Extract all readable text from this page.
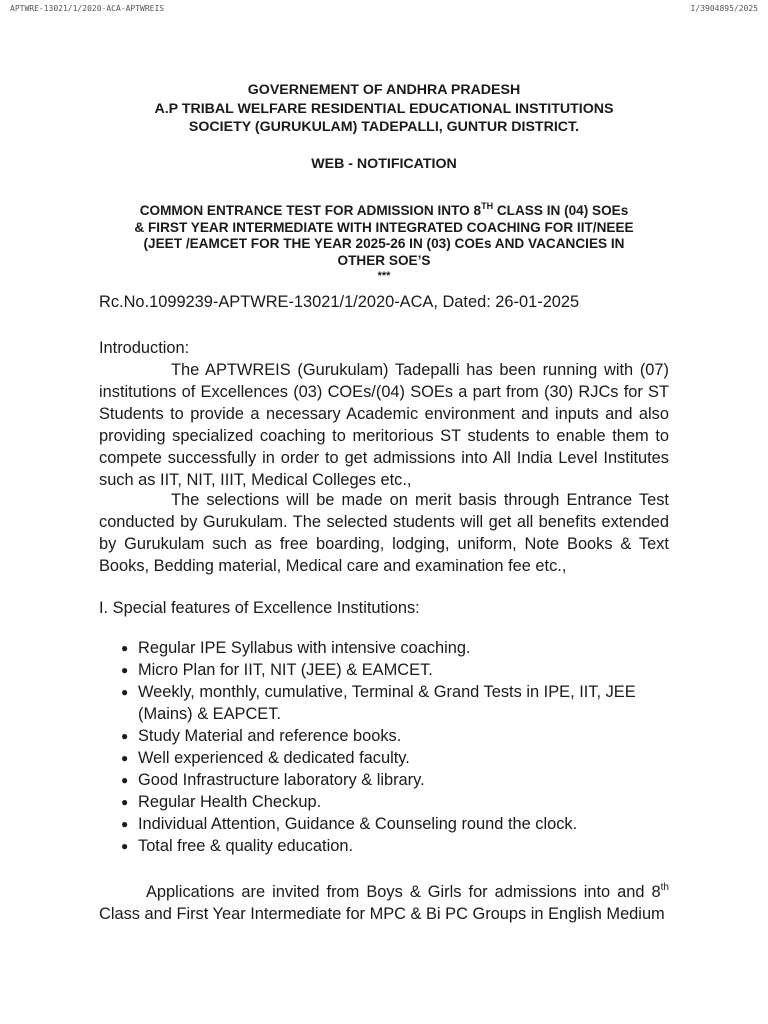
APTWRE-13021/1/2020-ACA-APTWREIS	I/3904895/2025
GOVERNEMENT OF ANDHRA PRADESH
A.P TRIBAL WELFARE RESIDENTIAL EDUCATIONAL INSTITUTIONS
SOCIETY (GURUKULAM) TADEPALLI, GUNTUR DISTRICT.
WEB - NOTIFICATION
COMMON ENTRANCE TEST FOR ADMISSION INTO 8TH CLASS IN (04) SOEs
& FIRST YEAR INTERMEDIATE WITH INTEGRATED COACHING FOR IIT/NEEE
(JEET /EAMCET FOR THE YEAR 2025-26 IN (03) COEs AND VACANCIES IN
OTHER SOE’S
***
Rc.No.1099239-APTWRE-13021/1/2020-ACA, Dated: 26-01-2025
Introduction:
The APTWREIS (Gurukulam) Tadepalli has been running with (07) institutions of Excellences (03) COEs/(04) SOEs a part from (30) RJCs for ST Students to provide a necessary Academic environment and inputs and also providing specialized coaching to meritorious ST students to enable them to compete successfully in order to get admissions into All India Level Institutes such as IIT, NIT, IIIT, Medical Colleges etc.,
The selections will be made on merit basis through Entrance Test conducted by Gurukulam. The selected students will get all benefits extended by Gurukulam such as free boarding, lodging, uniform, Note Books & Text Books, Bedding material, Medical care and examination fee etc.,
I. Special features of Excellence Institutions:
● Regular IPE Syllabus with intensive coaching.
● Micro Plan for IIT, NIT (JEE) & EAMCET.
● Weekly, monthly, cumulative, Terminal & Grand Tests in IPE, IIT, JEE (Mains) & EAPCET.
● Study Material and reference books.
● Well experienced & dedicated faculty.
● Good Infrastructure laboratory & library.
● Regular Health Checkup.
● Individual Attention, Guidance & Counseling round the clock.
● Total free & quality education.
Applications are invited from Boys & Girls for admissions into and 8th Class and First Year Intermediate for MPC & Bi PC Groups in English Medium
